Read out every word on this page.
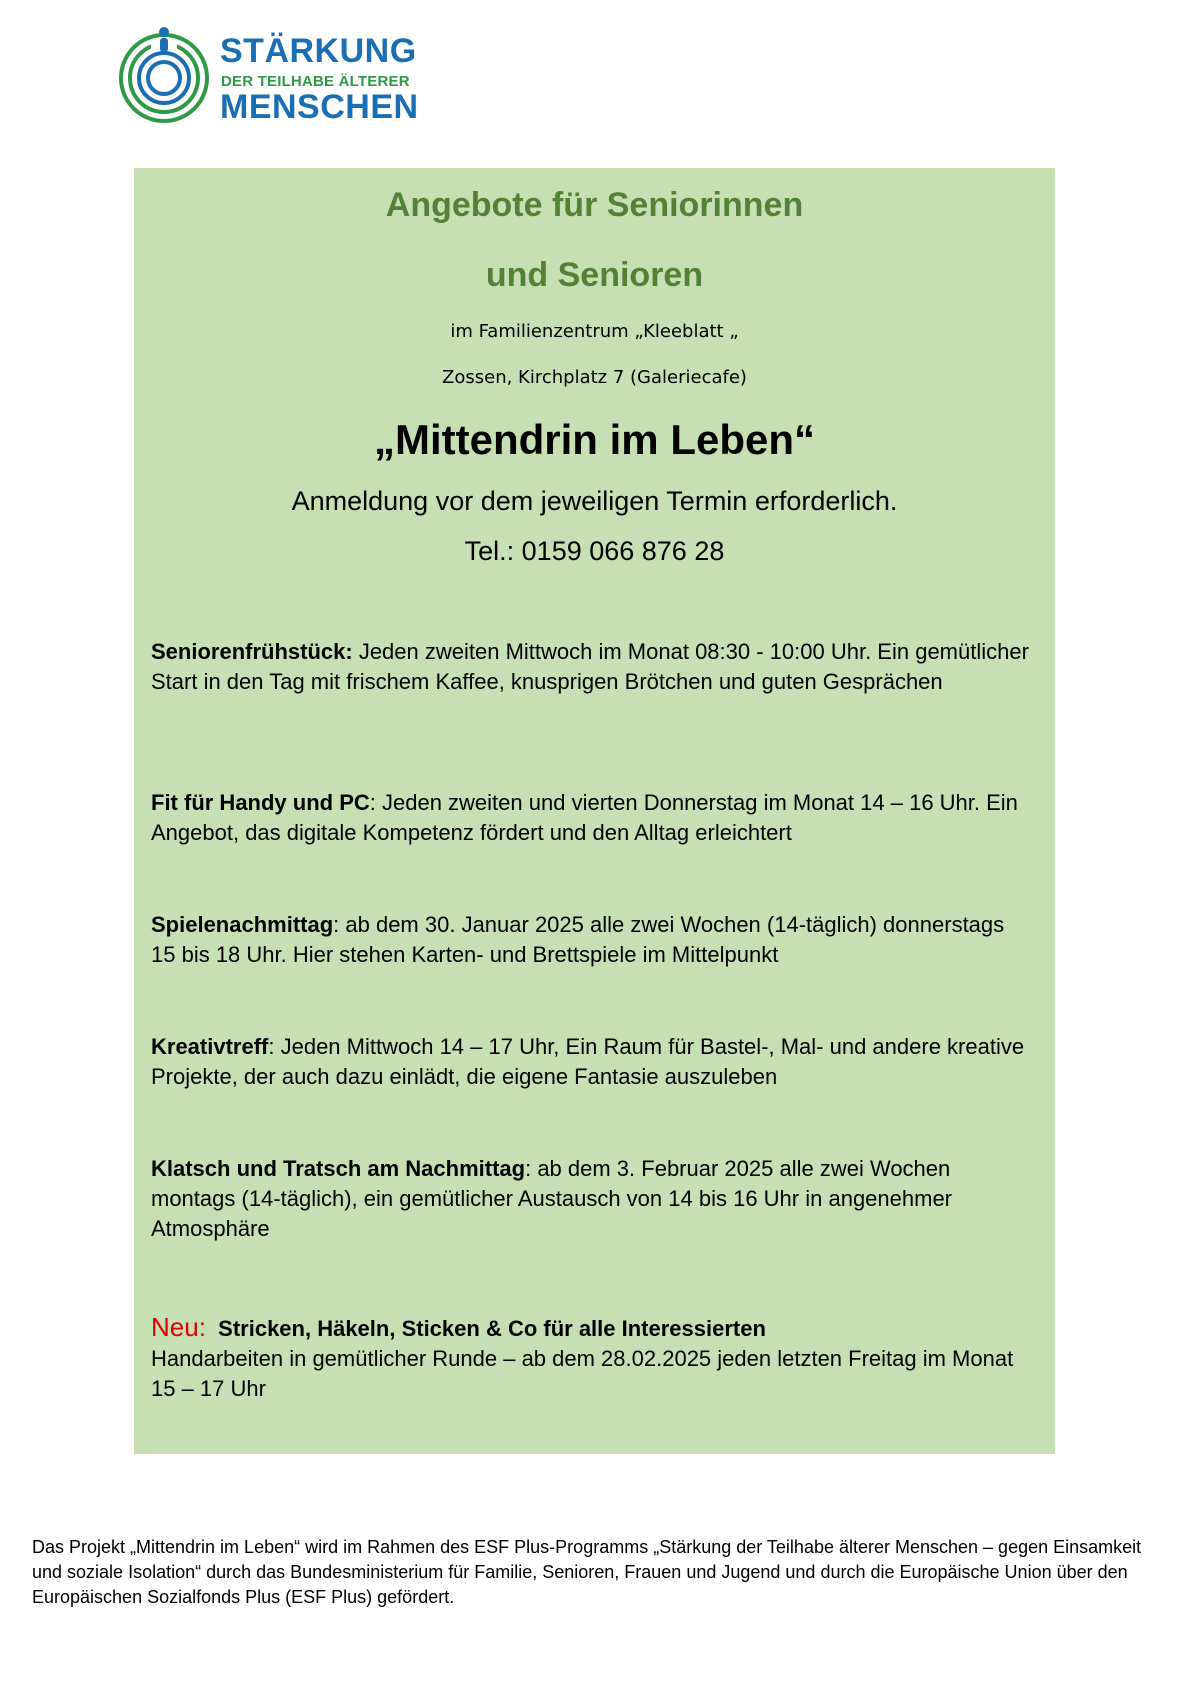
STÄRKUNG
DER TEILHABE ÄLTERER
MENSCHEN
Angebote für Seniorinnen
und Senioren
im Familienzentrum „Kleeblatt „
Zossen, Kirchplatz 7 (Galeriecafe)
„Mittendrin im Leben“
Anmeldung vor dem jeweiligen Termin erforderlich.
Tel.: 0159 066 876 28
Seniorenfrühstück: Jeden zweiten Mittwoch im Monat 08:30 - 10:00 Uhr. Ein gemütlicher Start in den Tag mit frischem Kaffee, knusprigen Brötchen und guten Gesprächen
Fit für Handy und PC: Jeden zweiten und vierten Donnerstag im Monat 14 – 16 Uhr. Ein Angebot, das digitale Kompetenz fördert und den Alltag erleichtert
Spielenachmittag: ab dem 30. Januar 2025 alle zwei Wochen (14-täglich) donnerstags 15 bis 18 Uhr. Hier stehen Karten- und Brettspiele im Mittelpunkt
Kreativtreff: Jeden Mittwoch 14 – 17 Uhr, Ein Raum für Bastel-, Mal- und andere kreative Projekte, der auch dazu einlädt, die eigene Fantasie auszuleben
Klatsch und Tratsch am Nachmittag: ab dem 3. Februar 2025 alle zwei Wochen montags (14-täglich), ein gemütlicher Austausch von 14 bis 16 Uhr in angenehmer Atmosphäre
Neu: Stricken, Häkeln, Sticken & Co für alle Interessierten
Handarbeiten in gemütlicher Runde – ab dem 28.02.2025 jeden letzten Freitag im Monat 15 – 17 Uhr
Das Projekt „Mittendrin im Leben“ wird im Rahmen des ESF Plus-Programms „Stärkung der Teilhabe älterer Menschen – gegen Einsamkeit und soziale Isolation“ durch das Bundesministerium für Familie, Senioren, Frauen und Jugend und durch die Europäische Union über den Europäischen Sozialfonds Plus (ESF Plus) gefördert.
